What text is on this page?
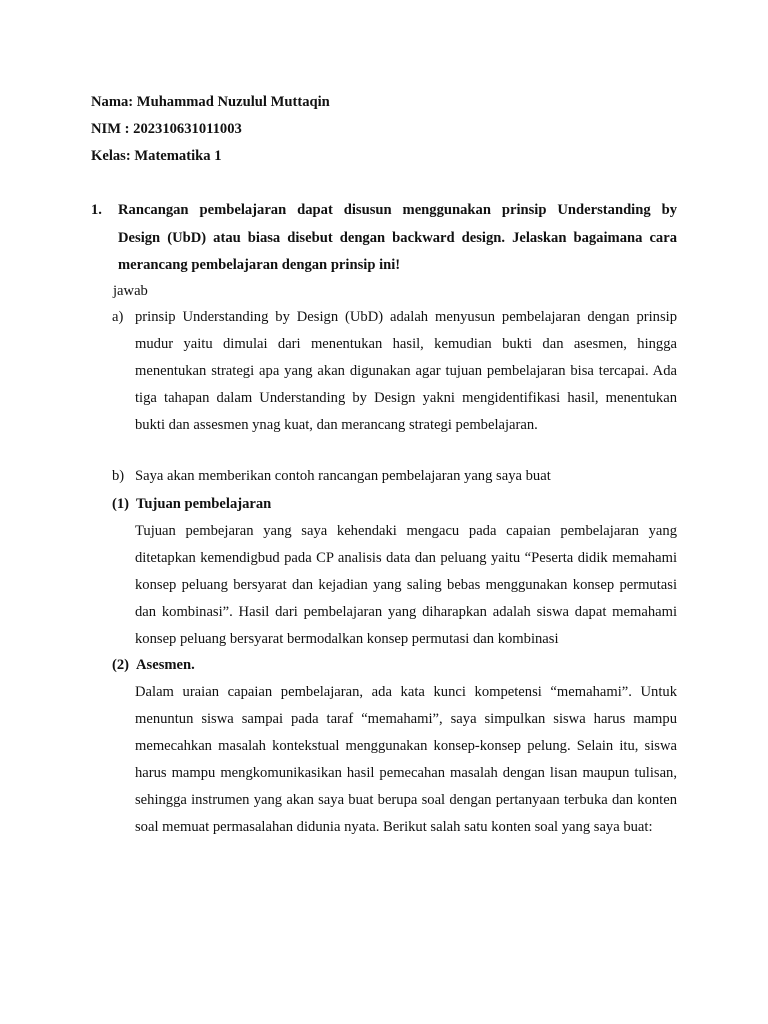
Nama: Muhammad Nuzulul Muttaqin
NIM : 202310631011003
Kelas: Matematika 1
1. Rancangan pembelajaran dapat disusun menggunakan prinsip Understanding by
Design (UbD) atau biasa disebut dengan backward design. Jelaskan bagaimana cara
merancang pembelajaran dengan prinsip ini!
jawab
a) prinsip Understanding by Design (UbD) adalah menyusun pembelajaran dengan prinsip
mudur yaitu dimulai dari menentukan hasil, kemudian bukti dan asesmen, hingga
menentukan strategi apa yang akan digunakan agar tujuan pembelajaran bisa tercapai. Ada
tiga tahapan dalam Understanding by Design yakni mengidentifikasi hasil, menentukan
bukti dan assesmen ynag kuat, dan merancang strategi pembelajaran.
b) Saya akan memberikan contoh rancangan pembelajaran yang saya buat
(1) Tujuan pembelajaran
Tujuan pembejaran yang saya kehendaki mengacu pada capaian pembelajaran yang
ditetapkan kemendigbud pada CP analisis data dan peluang yaitu “Peserta didik memahami
konsep peluang bersyarat dan kejadian yang saling bebas menggunakan konsep permutasi
dan kombinasi”. Hasil dari pembelajaran yang diharapkan adalah siswa dapat memahami
konsep peluang bersyarat bermodalkan konsep permutasi dan kombinasi
(2) Asesmen.
Dalam uraian capaian pembelajaran, ada kata kunci kompetensi “memahami”. Untuk
menuntun siswa sampai pada taraf “memahami”, saya simpulkan siswa harus mampu
memecahkan masalah kontekstual menggunakan konsep-konsep pelung. Selain itu, siswa
harus mampu mengkomunikasikan hasil pemecahan masalah dengan lisan maupun tulisan,
sehingga instrumen yang akan saya buat berupa soal dengan pertanyaan terbuka dan konten
soal memuat permasalahan didunia nyata. Berikut salah satu konten soal yang saya buat:
